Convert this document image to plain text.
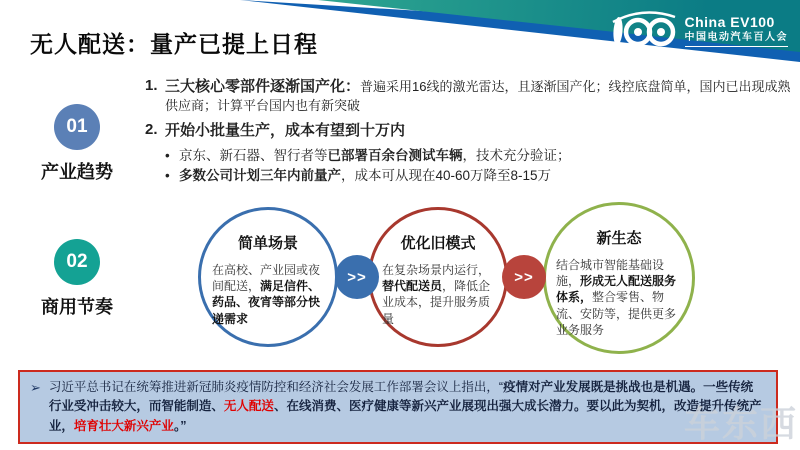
China EV100
中国电动汽车百人会
无人配送：量产已提上日程
01
产业趋势
02
商用节奏
1. 三大核心零部件逐渐国产化：普遍采用16线的激光雷达，且逐渐国产化；线控底盘简单，国内已出现成熟供应商；计算平台国内也有新突破
2. 开始小批量生产，成本有望到十万内
• 京东、新石器、智行者等已部署百余台测试车辆，技术充分验证；
• 多数公司计划三年内前量产，成本可从现在40-60万降至8-15万
简单场景
在高校、产业园或夜间配送，满足信件、药品、夜宵等部分快递需求
>>
优化旧模式
在复杂场景内运行，替代配送员，降低企业成本，提升服务质量
>>
新生态
结合城市智能基础设施，形成无人配送服务体系，整合零售、物流、安防等，提供更多业务服务
➢ 习近平总书记在统筹推进新冠肺炎疫情防控和经济社会发展工作部署会议上指出，“疫情对产业发展既是挑战也是机遇。一些传统行业受冲击较大，而智能制造、无人配送、在线消费、医疗健康等新兴产业展现出强大成长潜力。要以此为契机，改造提升传统产业，培育壮大新兴产业。”	车东西
